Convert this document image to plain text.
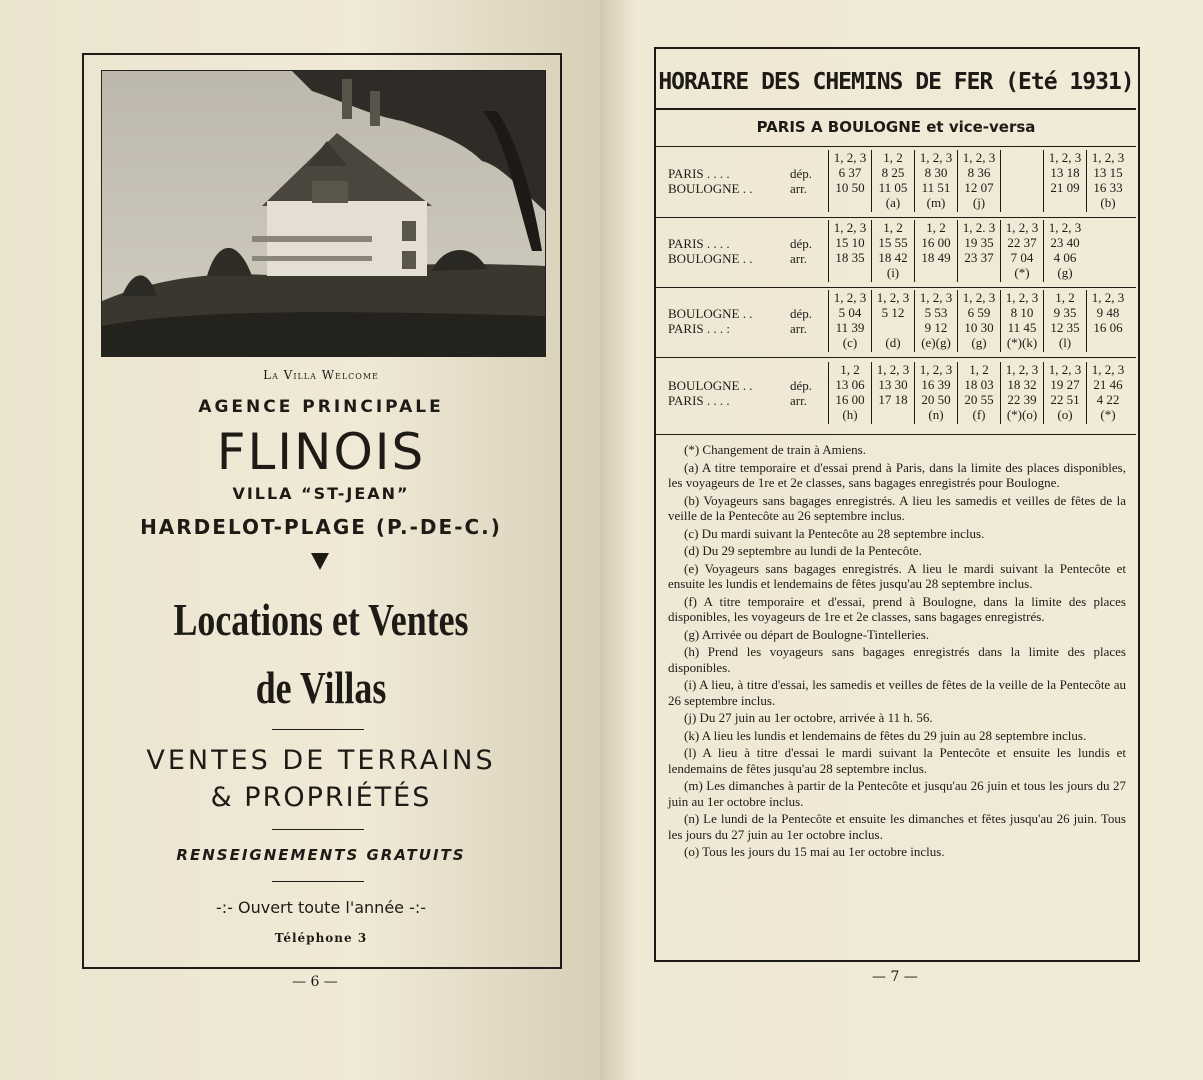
La Villa Welcome
AGENCE PRINCIPALE
FLINOIS
VILLA “ST-JEAN”
HARDELOT-PLAGE (P.-DE-C.)
Locations et Ventes
de Villas
VENTES DE TERRAINS
& PROPRIÉTÉS
RENSEIGNEMENTS GRATUITS
-:- Ouvert toute l'année -:-
Téléphone 3
— 6 —
HORAIRE DES CHEMINS DE FER (Eté 1931)
PARIS A BOULOGNE et vice-versa
PARIS . . . .
BOULOGNE . .
dép.
arr.
1, 2, 3
6 37
10 50

1, 2
8 25
11 05
(a)
1, 2, 3
8 30
11 51
(m)
1, 2, 3
8 36
12 07
(j)

1, 2, 3
13 18
21 09

1, 2, 3
13 15
16 33
(b)
PARIS . . . .
BOULOGNE . .
dép.
arr.
1, 2, 3
15 10
18 35

1, 2
15 55
18 42
(i)
1, 2
16 00
18 49

1, 2. 3
19 35
23 37

1, 2, 3
22 37
7 04
(*)
1, 2, 3
23 40
4 06
(g)
BOULOGNE . .
PARIS . . . :
dép.
arr.
1, 2, 3
5 04
11 39
(c)
1, 2, 3
5 12

(d)
1, 2, 3
5 53
9 12
(e)(g)
1, 2, 3
6 59
10 30
(g)
1, 2, 3
8 10
11 45
(*)(k)
1, 2
9 35
12 35
(l)
1, 2, 3
9 48
16 06

BOULOGNE . .
PARIS . . . .
dép.
arr.
1, 2
13 06
16 00
(h)
1, 2, 3
13 30
17 18

1, 2, 3
16 39
20 50
(n)
1, 2
18 03
20 55
(f)
1, 2, 3
18 32
22 39
(*)(o)
1, 2, 3
19 27
22 51
(o)
1, 2, 3
21 46
4 22
(*)

(*) Changement de train à Amiens.

(a) A titre temporaire et d'essai prend à Paris, dans la limite des places disponibles, les voyageurs de 1re et 2e classes, sans bagages enregistrés pour Boulogne.

(b) Voyageurs sans bagages enregistrés. A lieu les samedis et veilles de fêtes de la veille de la Pentecôte au 26 septembre inclus.

(c) Du mardi suivant la Pentecôte au 28 septembre inclus.

(d) Du 29 septembre au lundi de la Pentecôte.

(e) Voyageurs sans bagages enregistrés. A lieu le mardi suivant la Pentecôte et ensuite les lundis et lendemains de fêtes jusqu'au 28 septembre inclus.

(f) A titre temporaire et d'essai, prend à Boulogne, dans la limite des places disponibles, les voyageurs de 1re et 2e classes, sans bagages enregistrés.

(g) Arrivée ou départ de Boulogne-Tintelleries.

(h) Prend les voyageurs sans bagages enregistrés dans la limite des places disponibles.

(i) A lieu, à titre d'essai, les samedis et veilles de fêtes de la veille de la Pentecôte au 26 septembre inclus.

(j) Du 27 juin au 1er octobre, arrivée à 11 h. 56.

(k) A lieu les lundis et lendemains de fêtes du 29 juin au 28 septembre inclus.

(l) A lieu à titre d'essai le mardi suivant la Pentecôte et ensuite les lundis et lendemains de fêtes jusqu'au 28 septembre inclus.

(m) Les dimanches à partir de la Pentecôte et jusqu'au 26 juin et tous les jours du 27 juin au 1er octobre inclus.

(n) Le lundi de la Pentecôte et ensuite les dimanches et fêtes jusqu'au 26 juin. Tous les jours du 27 juin au 1er octobre inclus.

(o) Tous les jours du 15 mai au 1er octobre inclus.

— 7 —
